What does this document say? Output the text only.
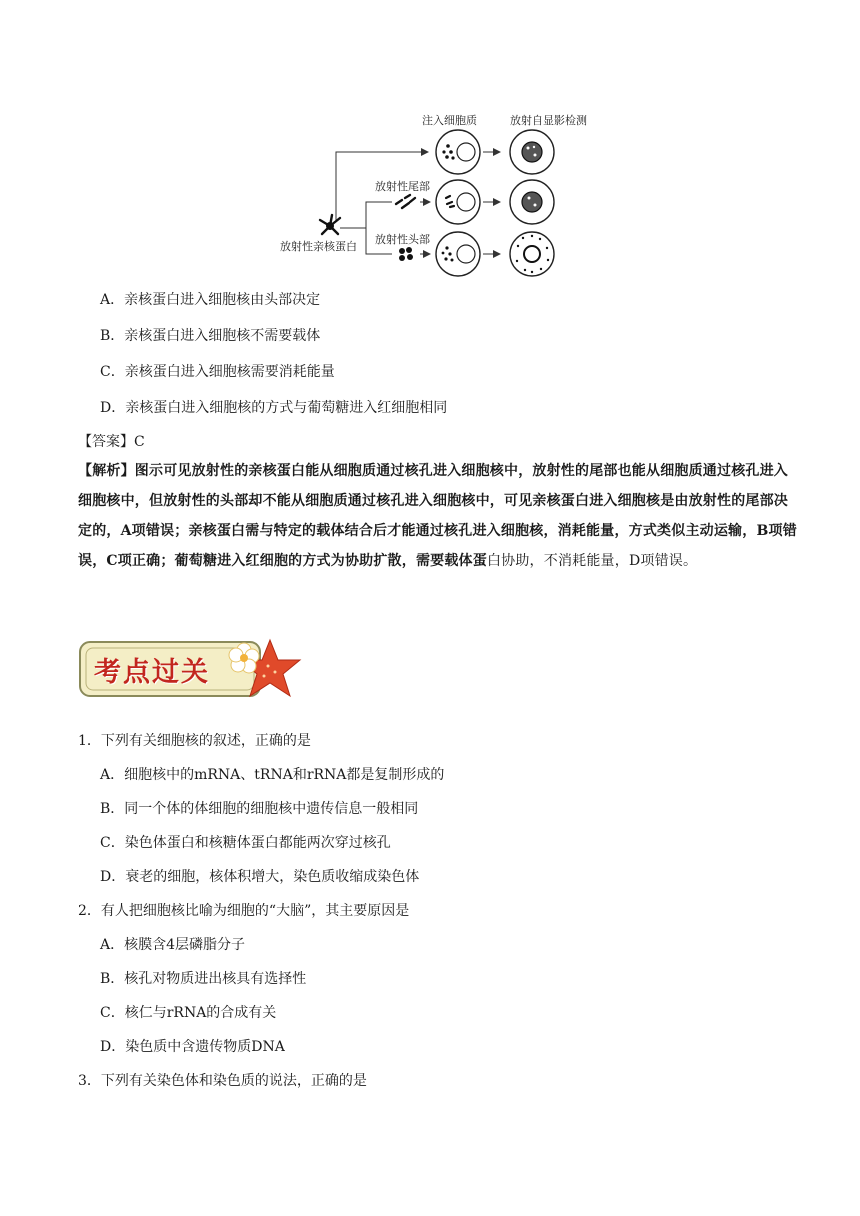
注入细胞质	放射自显影检测
放射性尾部
放射性头部
放射性亲核蛋白
A．亲核蛋白进入细胞核由头部决定
B．亲核蛋白进入细胞核不需要载体
C．亲核蛋白进入细胞核需要消耗能量
D．亲核蛋白进入细胞核的方式与葡萄糖进入红细胞相同
【答案】C
【解析】图示可见放射性的亲核蛋白能从细胞质通过核孔进入细胞核中，放射性的尾部也能从细胞质通过核孔进入细胞核中，但放射性的头部却不能从细胞质通过核孔进入细胞核中，可见亲核蛋白进入细胞核是由放射性的尾部决定的，A项错误；亲核蛋白需与特定的载体结合后才能通过核孔进入细胞核，消耗能量，方式类似主动运输，B项错误，C项正确；葡萄糖进入红细胞的方式为协助扩散，需要载体蛋白协助，不消耗能量，D项错误。
考点过关
1．下列有关细胞核的叙述，正确的是
A．细胞核中的mRNA、tRNA和rRNA都是复制形成的
B．同一个体的体细胞的细胞核中遗传信息一般相同
C．染色体蛋白和核糖体蛋白都能两次穿过核孔
D．衰老的细胞，核体积增大，染色质收缩成染色体
2．有人把细胞核比喻为细胞的“大脑”，其主要原因是
A．核膜含4层磷脂分子
B．核孔对物质进出核具有选择性
C．核仁与rRNA的合成有关
D．染色质中含遗传物质DNA
3．下列有关染色体和染色质的说法，正确的是
